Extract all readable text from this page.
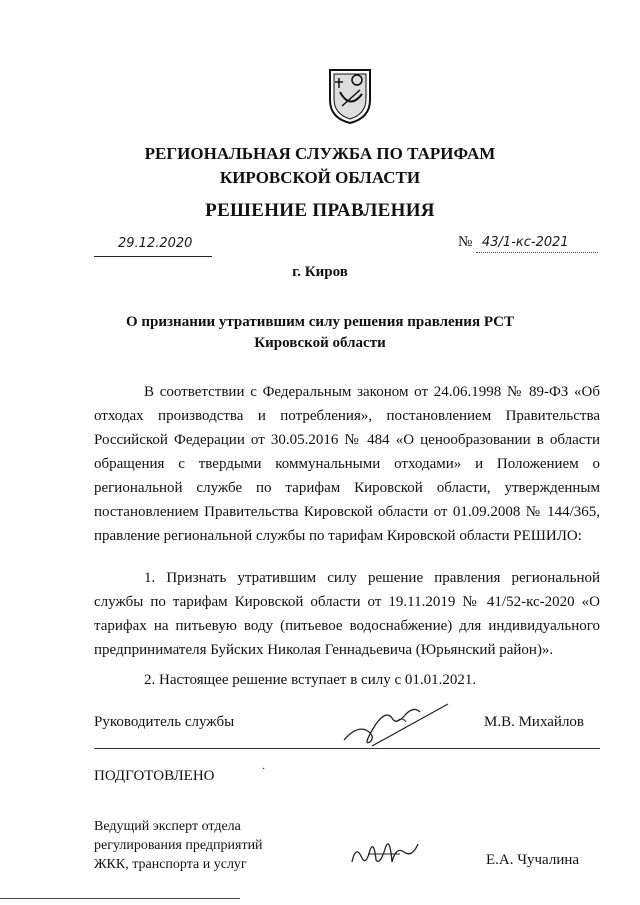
РЕГИОНАЛЬНАЯ СЛУЖБА ПО ТАРИФАМ
КИРОВСКОЙ ОБЛАСТИ
РЕШЕНИЕ ПРАВЛЕНИЯ
29.12.2020	№ 43/1-кс-2021
г. Киров
О признании утратившим силу решения правления РСТ
Кировской области

В соответствии с Федеральным законом от 24.06.1998 № 89-ФЗ «Об отходах производства и потребления», постановлением Правительства Российской Федерации от 30.05.2016 № 484 «О ценообразовании в области обращения с твердыми коммунальными отходами» и Положением о региональной службе по тарифам Кировской области, утвержденным постановлением Правительства Кировской области от 01.09.2008 № 144/365, правление региональной службы по тарифам Кировской области РЕШИЛО:

1. Признать утратившим силу решение правления региональной службы по тарифам Кировской области от 19.11.2019 № 41/52-кс-2020 «О тарифах на питьевую воду (питьевое водоснабжение) для индивидуального предпринимателя Буйских Николая Геннадьевича (Юрьянский район)».

2. Настоящее решение вступает в силу с 01.01.2021.

Руководитель службы	М.В. Михайлов
ПОДГОТОВЛЕНО	·
Ведущий эксперт отдела
регулирования предприятий
ЖКК, транспорта и услуг	Е.А. Чучалина
